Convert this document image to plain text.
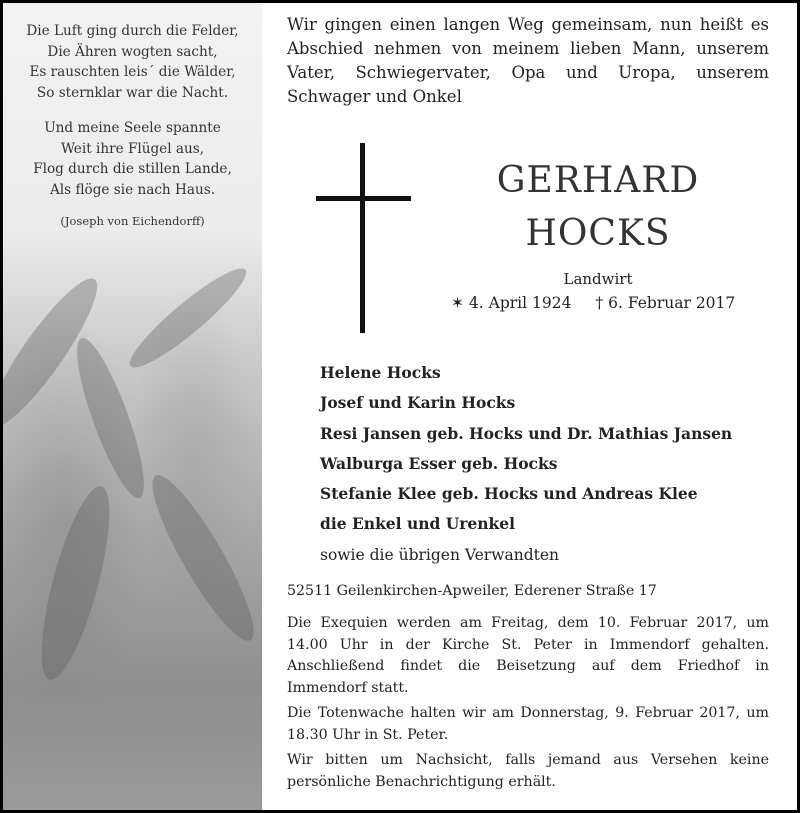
Die Luft ging durch die Felder,
Die Ähren wogten sacht,
Es rauschten leis´ die Wälder,
So sternklar war die Nacht.

Und meine Seele spannte
Weit ihre Flügel aus,
Flog durch die stillen Lande,
Als flöge sie nach Haus.

(Joseph von Eichendorff)

Wir gingen einen langen Weg gemeinsam, nun heißt es Abschied nehmen von meinem lieben Mann, unserem Vater, Schwiegervater, Opa und Uropa, unserem Schwager und Onkel
GERHARD
HOCKS
Landwirt
✶ 4. April 1924 † 6. Februar 2017
Helene Hocks
Josef und Karin Hocks
Resi Jansen geb. Hocks und Dr. Mathias Jansen
Walburga Esser geb. Hocks
Stefanie Klee geb. Hocks und Andreas Klee
die Enkel und Urenkel
sowie die übrigen Verwandten
52511 Geilenkirchen-Apweiler, Ederener Straße 17

Die Exequien werden am Freitag, dem 10. Februar 2017, um 14.00 Uhr in der Kirche St. Peter in Immendorf gehalten. Anschließend findet die Beisetzung auf dem Friedhof in Immendorf statt.

Die Totenwache halten wir am Donnerstag, 9. Februar 2017, um 18.30 Uhr in St. Peter.

Wir bitten um Nachsicht, falls jemand aus Versehen keine persönliche Benachrichtigung erhält.
